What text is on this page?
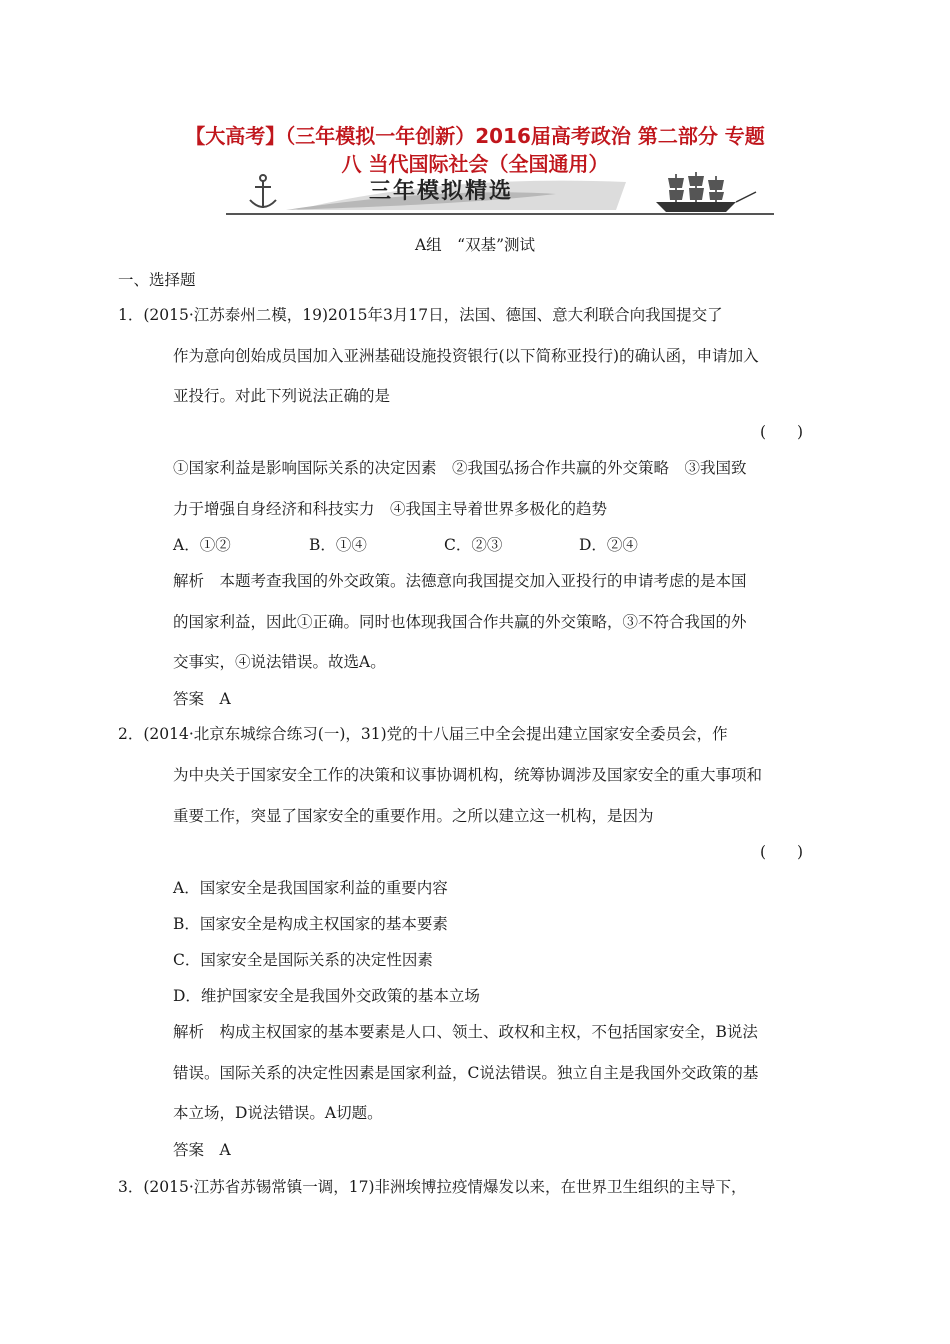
【大高考】（三年模拟一年创新）2016届高考政治 第二部分 专题
八 当代国际社会（全国通用）
三年模拟精选
A组　“双基”测试
一、选择题
1．(2015·江苏泰州二模，19)2015年3月17日，法国、德国、意大利联合向我国提交了
作为意向创始成员国加入亚洲基础设施投资银行(以下简称亚投行)的确认函，申请加入
亚投行。对此下列说法正确的是
(　　)
①国家利益是影响国际关系的决定因素　②我国弘扬合作共赢的外交策略　③我国致
力于增强自身经济和科技实力　④我国主导着世界多极化的趋势
A．①②	B．①④	C．②③	D．②④
解析　本题考查我国的外交政策。法德意向我国提交加入亚投行的申请考虑的是本国
的国家利益，因此①正确。同时也体现我国合作共赢的外交策略，③不符合我国的外
交事实，④说法错误。故选A。
答案　A
2．(2014·北京东城综合练习(一)，31)党的十八届三中全会提出建立国家安全委员会，作
为中央关于国家安全工作的决策和议事协调机构，统筹协调涉及国家安全的重大事项和
重要工作，突显了国家安全的重要作用。之所以建立这一机构，是因为
(　　)
A．国家安全是我国国家利益的重要内容
B．国家安全是构成主权国家的基本要素
C．国家安全是国际关系的决定性因素
D．维护国家安全是我国外交政策的基本立场
解析　构成主权国家的基本要素是人口、领土、政权和主权，不包括国家安全，B说法
错误。国际关系的决定性因素是国家利益，C说法错误。独立自主是我国外交政策的基
本立场，D说法错误。A切题。
答案　A
3．(2015·江苏省苏锡常镇一调，17)非洲埃博拉疫情爆发以来，在世界卫生组织的主导下，
